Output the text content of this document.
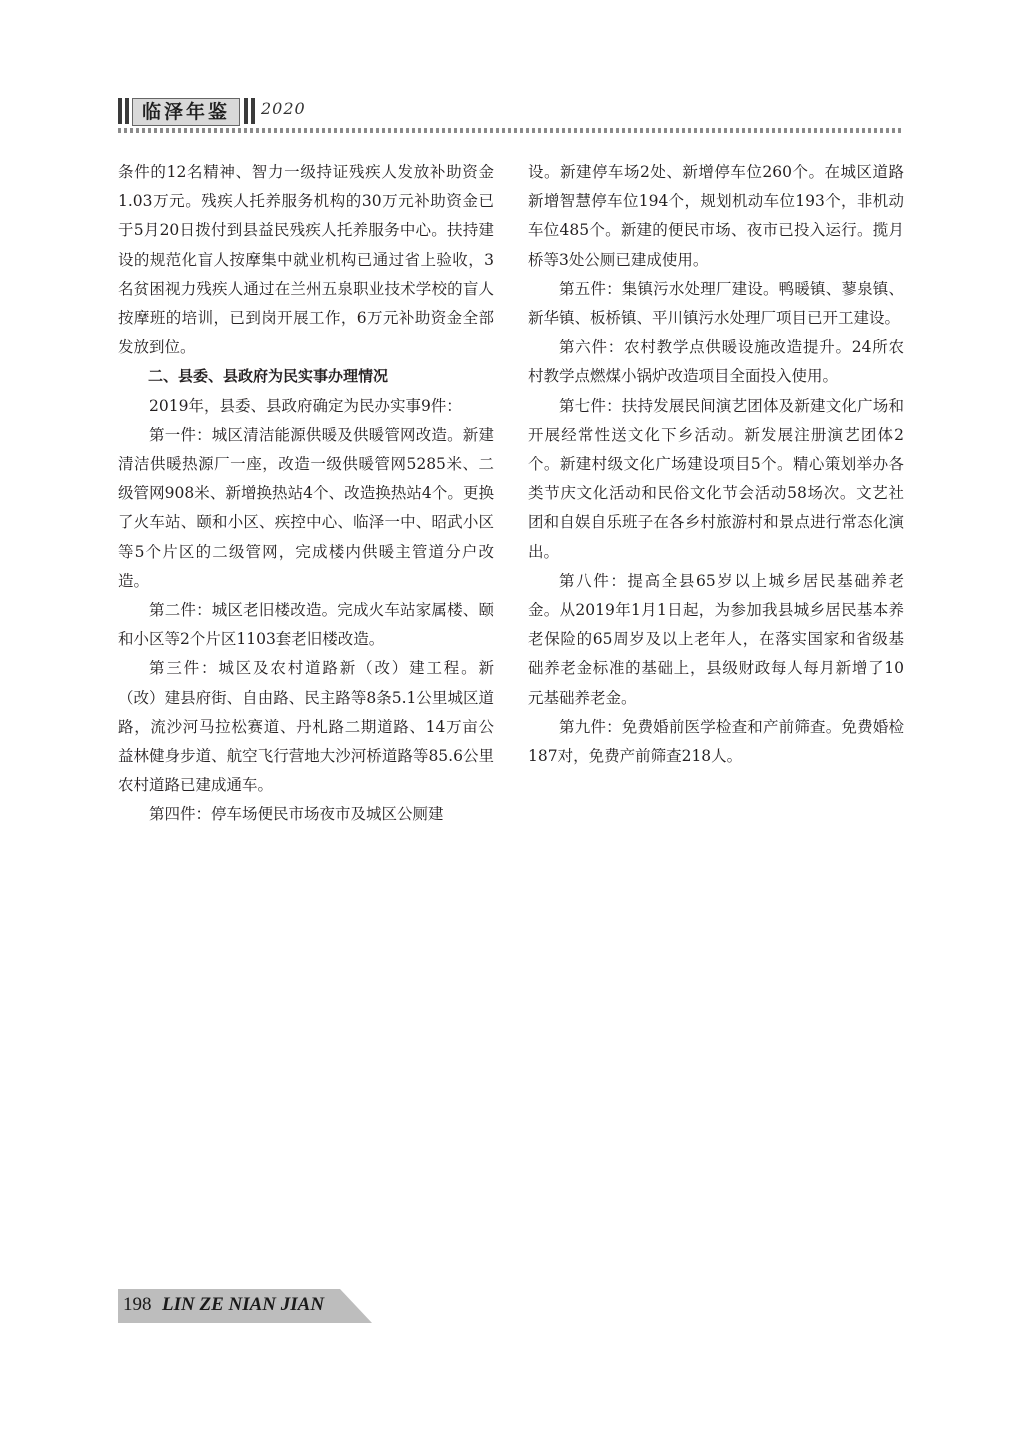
临泽年鉴	2020

条件的12名精神、智力一级持证残疾人发放补助资金1.03万元。残疾人托养服务机构的30万元补助资金已于5月20日拨付到县益民残疾人托养服务中心。扶持建设的规范化盲人按摩集中就业机构已通过省上验收，3名贫困视力残疾人通过在兰州五泉职业技术学校的盲人按摩班的培训，已到岗开展工作，6万元补助资金全部发放到位。

二、县委、县政府为民实事办理情况

2019年，县委、县政府确定为民办实事9件：

第一件：城区清洁能源供暖及供暖管网改造。新建清洁供暖热源厂一座，改造一级供暖管网5285米、二级管网908米、新增换热站4个、改造换热站4个。更换了火车站、颐和小区、疾控中心、临泽一中、昭武小区等5个片区的二级管网，完成楼内供暖主管道分户改造。

第二件：城区老旧楼改造。完成火车站家属楼、颐和小区等2个片区1103套老旧楼改造。

第三件：城区及农村道路新（改）建工程。新（改）建县府街、自由路、民主路等8条5.1公里城区道路，流沙河马拉松赛道、丹札路二期道路、14万亩公益林健身步道、航空飞行营地大沙河桥道路等85.6公里农村道路已建成通车。

第四件：停车场便民市场夜市及城区公厕建

设。新建停车场2处、新增停车位260个。在城区道路新增智慧停车位194个，规划机动车位193个，非机动车位485个。新建的便民市场、夜市已投入运行。揽月桥等3处公厕已建成使用。

第五件：集镇污水处理厂建设。鸭暖镇、蓼泉镇、新华镇、板桥镇、平川镇污水处理厂项目已开工建设。

第六件：农村教学点供暖设施改造提升。24所农村教学点燃煤小锅炉改造项目全面投入使用。

第七件：扶持发展民间演艺团体及新建文化广场和开展经常性送文化下乡活动。新发展注册演艺团体2个。新建村级文化广场建设项目5个。精心策划举办各类节庆文化活动和民俗文化节会活动58场次。文艺社团和自娱自乐班子在各乡村旅游村和景点进行常态化演出。

第八件：提高全县65岁以上城乡居民基础养老金。从2019年1月1日起，为参加我县城乡居民基本养老保险的65周岁及以上老年人，在落实国家和省级基础养老金标准的基础上，县级财政每人每月新增了10元基础养老金。

第九件：免费婚前医学检查和产前筛查。免费婚检187对，免费产前筛查218人。

198 LIN ZE NIAN JIAN
